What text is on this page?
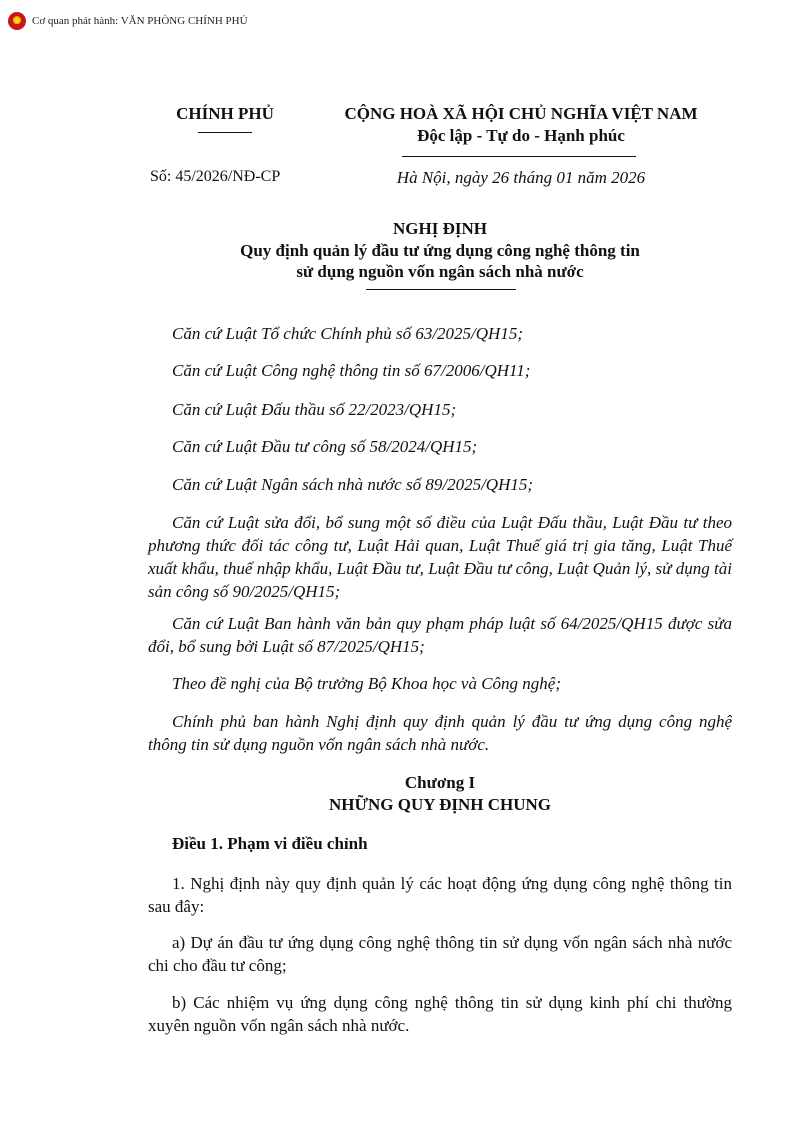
★
Cơ quan phát hành: VĂN PHÒNG CHÍNH PHỦ
CHÍNH PHỦ	CỘNG HOÀ XÃ HỘI CHỦ NGHĨA VIỆT NAM
Độc lập - Tự do - Hạnh phúc
Số: 45/2026/NĐ-CP	Hà Nội, ngày 26 tháng 01 năm 2026
NGHỊ ĐỊNH
Quy định quản lý đầu tư ứng dụng công nghệ thông tin
sử dụng nguồn vốn ngân sách nhà nước
Căn cứ Luật Tổ chức Chính phủ số 63/2025/QH15;
Căn cứ Luật Công nghệ thông tin số 67/2006/QH11;
Căn cứ Luật Đấu thầu số 22/2023/QH15;
Căn cứ Luật Đầu tư công số 58/2024/QH15;
Căn cứ Luật Ngân sách nhà nước số 89/2025/QH15;
Căn cứ Luật sửa đổi, bổ sung một số điều của Luật Đấu thầu, Luật Đầu tư theo phương thức đối tác công tư, Luật Hải quan, Luật Thuế giá trị gia tăng, Luật Thuế xuất khẩu, thuế nhập khẩu, Luật Đầu tư, Luật Đầu tư công, Luật Quản lý, sử dụng tài sản công số 90/2025/QH15;
Căn cứ Luật Ban hành văn bản quy phạm pháp luật số 64/2025/QH15 được sửa đổi, bổ sung bởi Luật số 87/2025/QH15;
Theo đề nghị của Bộ trưởng Bộ Khoa học và Công nghệ;
Chính phủ ban hành Nghị định quy định quản lý đầu tư ứng dụng công nghệ thông tin sử dụng nguồn vốn ngân sách nhà nước.
Chương I
NHỮNG QUY ĐỊNH CHUNG
Điều 1. Phạm vi điều chỉnh
1. Nghị định này quy định quản lý các hoạt động ứng dụng công nghệ thông tin sau đây:
a) Dự án đầu tư ứng dụng công nghệ thông tin sử dụng vốn ngân sách nhà nước chi cho đầu tư công;
b) Các nhiệm vụ ứng dụng công nghệ thông tin sử dụng kinh phí chi thường xuyên nguồn vốn ngân sách nhà nước.
